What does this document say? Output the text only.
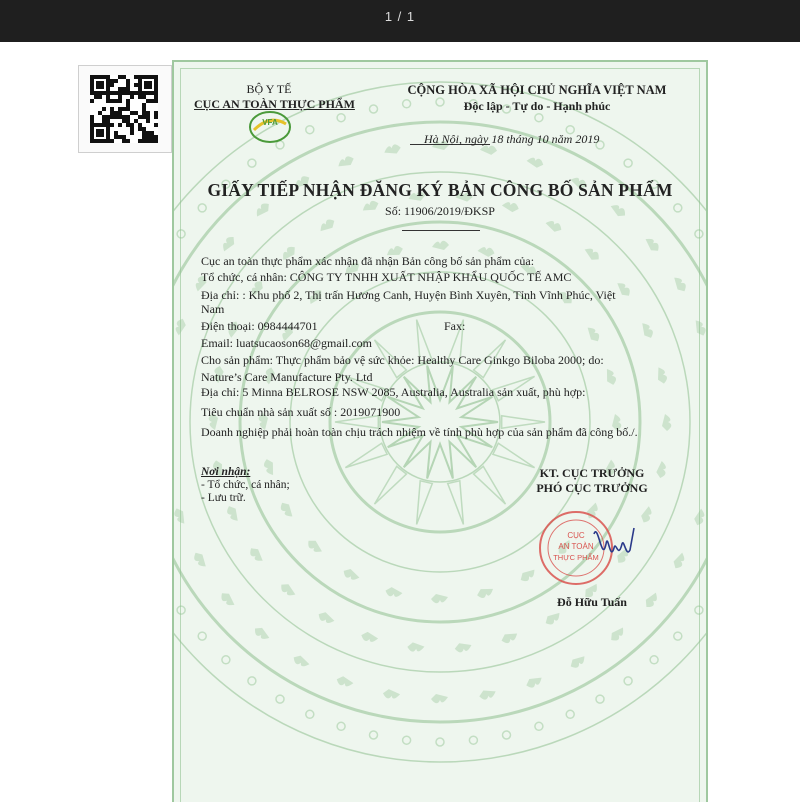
1 / 1
BỘ Y TẾ
CỤC AN TOÀN THỰC PHẨM
VFA
CỘNG HÒA XÃ HỘI CHỦ NGHĨA VIỆT NAM
Độc lập - Tự do - Hạnh phúc
Hà Nội, ngày 18 tháng 10 năm 2019
GIẤY TIẾP NHẬN ĐĂNG KÝ BẢN CÔNG BỐ SẢN PHẨM
Số: 11906/2019/ĐKSP
Cục an toàn thực phẩm xác nhận đã nhận Bản công bố sản phẩm của:
Tổ chức, cá nhân: CÔNG TY TNHH XUẤT NHẬP KHẨU QUỐC TẾ AMC
Địa chỉ: : Khu phố 2, Thị trấn Hương Canh, Huyện Bình Xuyên, Tỉnh Vĩnh Phúc, Việt
Nam
Điện thoại: 0984444701	Fax:
Email: luatsucaoson68@gmail.com
Cho sản phẩm: Thực phẩm bảo vệ sức khỏe: Healthy Care Ginkgo Biloba 2000; do:
Nature’s Care Manufacture Pty. Ltd
Địa chỉ: 5 Minna BELROSE NSW 2085, Australia, Australia sản xuất, phù hợp:
Tiêu chuẩn nhà sản xuất số : 2019071900
Doanh nghiệp phải hoàn toàn chịu trách nhiệm về tính phù hợp của sản phẩm đã công bố./.
Nơi nhận:
- Tổ chức, cá nhân;
- Lưu trữ.
KT. CỤC TRƯỞNG
PHÓ CỤC TRƯỞNG
CỤC
AN TOÀN
THỰC PHẨM
Đỗ Hữu Tuấn
